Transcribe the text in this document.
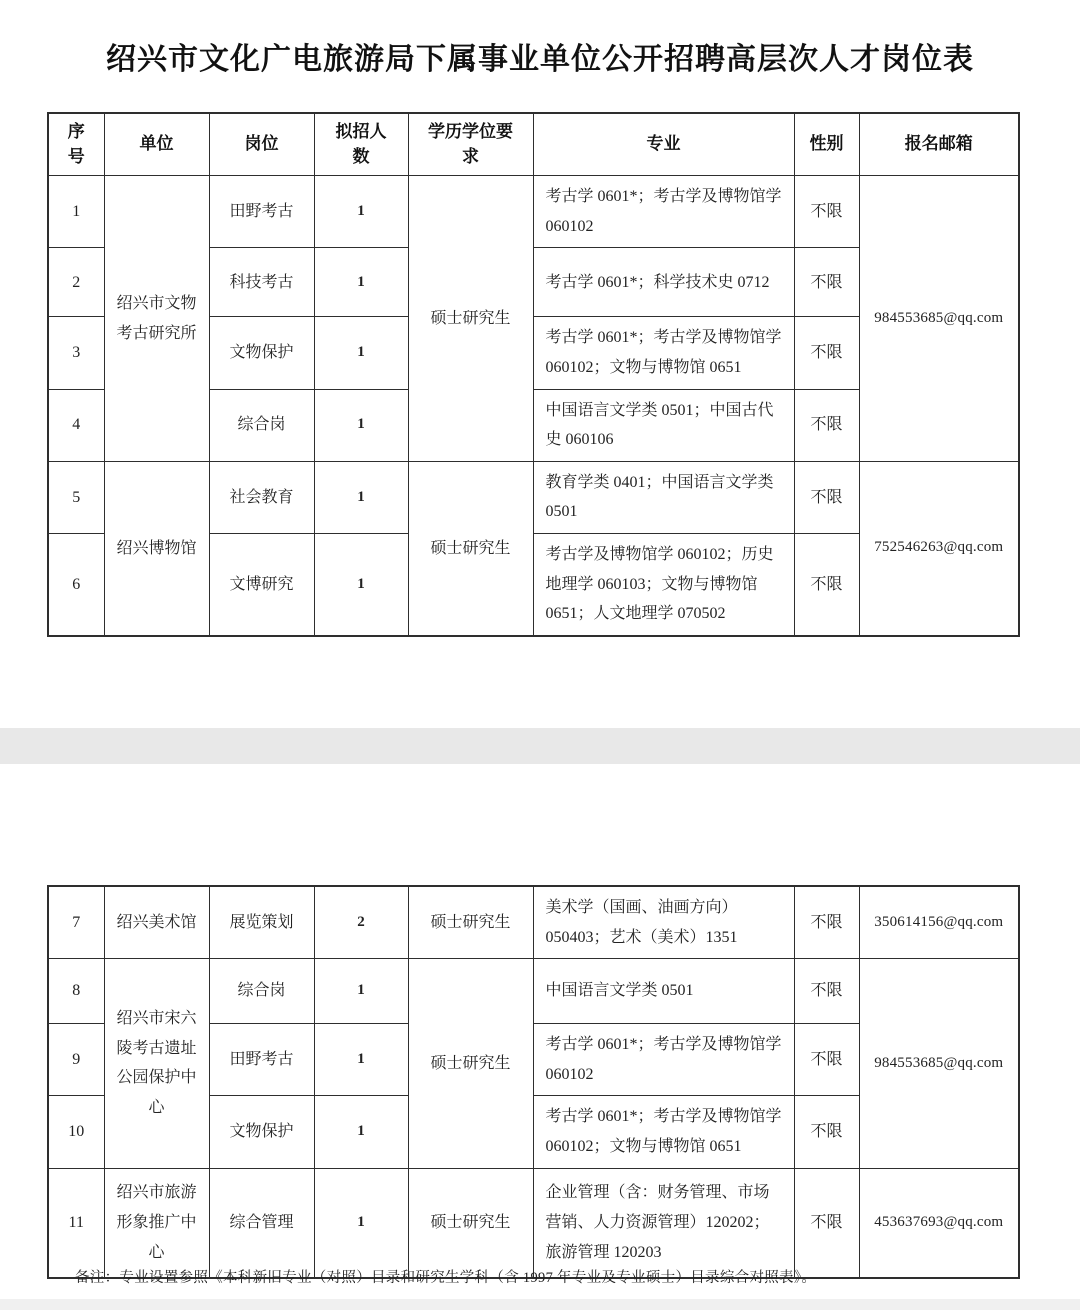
绍兴市文化广电旅游局下属事业单位公开招聘高层次人才岗位表
序号	单位	岗位	拟招人数	学历学位要求	专业	性别	报名邮箱
1	绍兴市文物考古研究所	田野考古	1	硕士研究生	考古学 0601*；考古学及博物馆学 060102	不限	984553685@qq.com
2		科技考古	1		考古学 0601*；科学技术史 0712	不限	
3		文物保护	1		考古学 0601*；考古学及博物馆学 060102；文物与博物馆 0651	不限	
4		综合岗	1		中国语言文学类 0501；中国古代史 060106	不限	
5	绍兴博物馆	社会教育	1	硕士研究生	教育学类 0401；中国语言文学类 0501	不限	752546263@qq.com
6		文博研究	1		考古学及博物馆学 060102；历史地理学 060103；文物与博物馆 0651；人文地理学 070502	不限	
7	绍兴美术馆	展览策划	2	硕士研究生	美术学（国画、油画方向）050403；艺术（美术）1351	不限	350614156@qq.com
8	绍兴市宋六陵考古遗址公园保护中心	综合岗	1	硕士研究生	中国语言文学类 0501	不限	984553685@qq.com
9		田野考古	1		考古学 0601*；考古学及博物馆学 060102	不限	
10		文物保护	1		考古学 0601*；考古学及博物馆学 060102；文物与博物馆 0651	不限	
11	绍兴市旅游形象推广中心	综合管理	1	硕士研究生	企业管理（含：财务管理、市场营销、人力资源管理）120202；旅游管理 120203	不限	453637693@qq.com
备注：专业设置参照《本科新旧专业（对照）目录和研究生学科（含 1997 年专业及专业硕士）目录综合对照表》。
